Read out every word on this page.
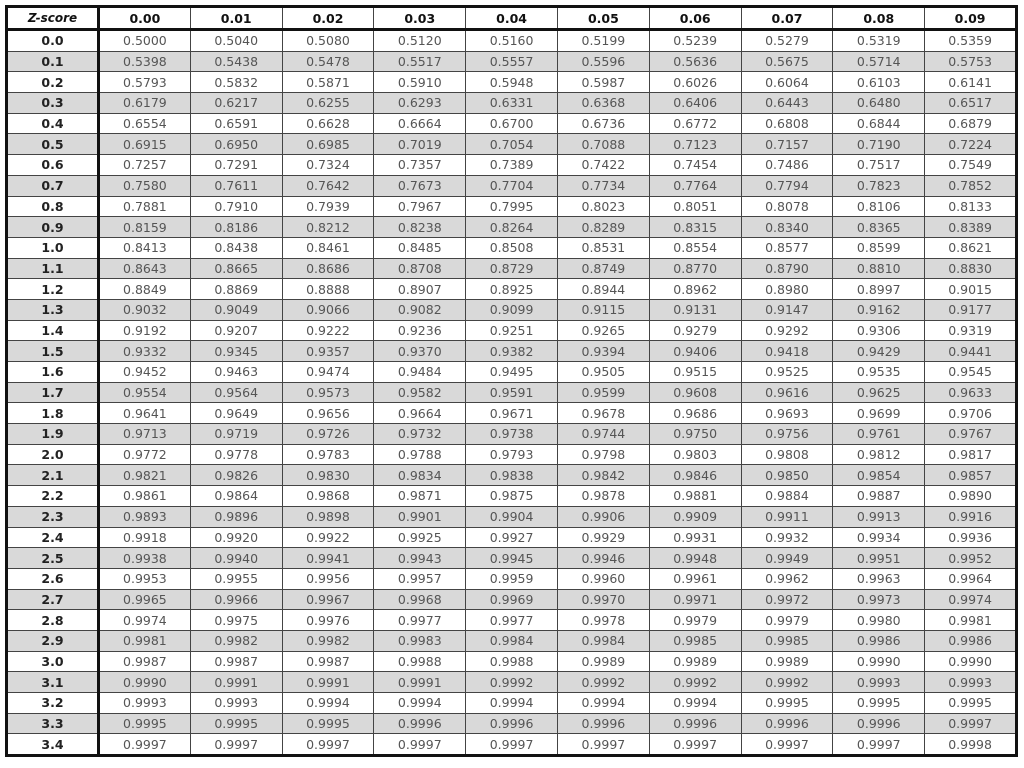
Z-score	0.00	0.01	0.02	0.03	0.04	0.05	0.06	0.07	0.08	0.09
0.0	0.5000	0.5040	0.5080	0.5120	0.5160	0.5199	0.5239	0.5279	0.5319	0.5359
0.1	0.5398	0.5438	0.5478	0.5517	0.5557	0.5596	0.5636	0.5675	0.5714	0.5753
0.2	0.5793	0.5832	0.5871	0.5910	0.5948	0.5987	0.6026	0.6064	0.6103	0.6141
0.3	0.6179	0.6217	0.6255	0.6293	0.6331	0.6368	0.6406	0.6443	0.6480	0.6517
0.4	0.6554	0.6591	0.6628	0.6664	0.6700	0.6736	0.6772	0.6808	0.6844	0.6879
0.5	0.6915	0.6950	0.6985	0.7019	0.7054	0.7088	0.7123	0.7157	0.7190	0.7224
0.6	0.7257	0.7291	0.7324	0.7357	0.7389	0.7422	0.7454	0.7486	0.7517	0.7549
0.7	0.7580	0.7611	0.7642	0.7673	0.7704	0.7734	0.7764	0.7794	0.7823	0.7852
0.8	0.7881	0.7910	0.7939	0.7967	0.7995	0.8023	0.8051	0.8078	0.8106	0.8133
0.9	0.8159	0.8186	0.8212	0.8238	0.8264	0.8289	0.8315	0.8340	0.8365	0.8389
1.0	0.8413	0.8438	0.8461	0.8485	0.8508	0.8531	0.8554	0.8577	0.8599	0.8621
1.1	0.8643	0.8665	0.8686	0.8708	0.8729	0.8749	0.8770	0.8790	0.8810	0.8830
1.2	0.8849	0.8869	0.8888	0.8907	0.8925	0.8944	0.8962	0.8980	0.8997	0.9015
1.3	0.9032	0.9049	0.9066	0.9082	0.9099	0.9115	0.9131	0.9147	0.9162	0.9177
1.4	0.9192	0.9207	0.9222	0.9236	0.9251	0.9265	0.9279	0.9292	0.9306	0.9319
1.5	0.9332	0.9345	0.9357	0.9370	0.9382	0.9394	0.9406	0.9418	0.9429	0.9441
1.6	0.9452	0.9463	0.9474	0.9484	0.9495	0.9505	0.9515	0.9525	0.9535	0.9545
1.7	0.9554	0.9564	0.9573	0.9582	0.9591	0.9599	0.9608	0.9616	0.9625	0.9633
1.8	0.9641	0.9649	0.9656	0.9664	0.9671	0.9678	0.9686	0.9693	0.9699	0.9706
1.9	0.9713	0.9719	0.9726	0.9732	0.9738	0.9744	0.9750	0.9756	0.9761	0.9767
2.0	0.9772	0.9778	0.9783	0.9788	0.9793	0.9798	0.9803	0.9808	0.9812	0.9817
2.1	0.9821	0.9826	0.9830	0.9834	0.9838	0.9842	0.9846	0.9850	0.9854	0.9857
2.2	0.9861	0.9864	0.9868	0.9871	0.9875	0.9878	0.9881	0.9884	0.9887	0.9890
2.3	0.9893	0.9896	0.9898	0.9901	0.9904	0.9906	0.9909	0.9911	0.9913	0.9916
2.4	0.9918	0.9920	0.9922	0.9925	0.9927	0.9929	0.9931	0.9932	0.9934	0.9936
2.5	0.9938	0.9940	0.9941	0.9943	0.9945	0.9946	0.9948	0.9949	0.9951	0.9952
2.6	0.9953	0.9955	0.9956	0.9957	0.9959	0.9960	0.9961	0.9962	0.9963	0.9964
2.7	0.9965	0.9966	0.9967	0.9968	0.9969	0.9970	0.9971	0.9972	0.9973	0.9974
2.8	0.9974	0.9975	0.9976	0.9977	0.9977	0.9978	0.9979	0.9979	0.9980	0.9981
2.9	0.9981	0.9982	0.9982	0.9983	0.9984	0.9984	0.9985	0.9985	0.9986	0.9986
3.0	0.9987	0.9987	0.9987	0.9988	0.9988	0.9989	0.9989	0.9989	0.9990	0.9990
3.1	0.9990	0.9991	0.9991	0.9991	0.9992	0.9992	0.9992	0.9992	0.9993	0.9993
3.2	0.9993	0.9993	0.9994	0.9994	0.9994	0.9994	0.9994	0.9995	0.9995	0.9995
3.3	0.9995	0.9995	0.9995	0.9996	0.9996	0.9996	0.9996	0.9996	0.9996	0.9997
3.4	0.9997	0.9997	0.9997	0.9997	0.9997	0.9997	0.9997	0.9997	0.9997	0.9998
